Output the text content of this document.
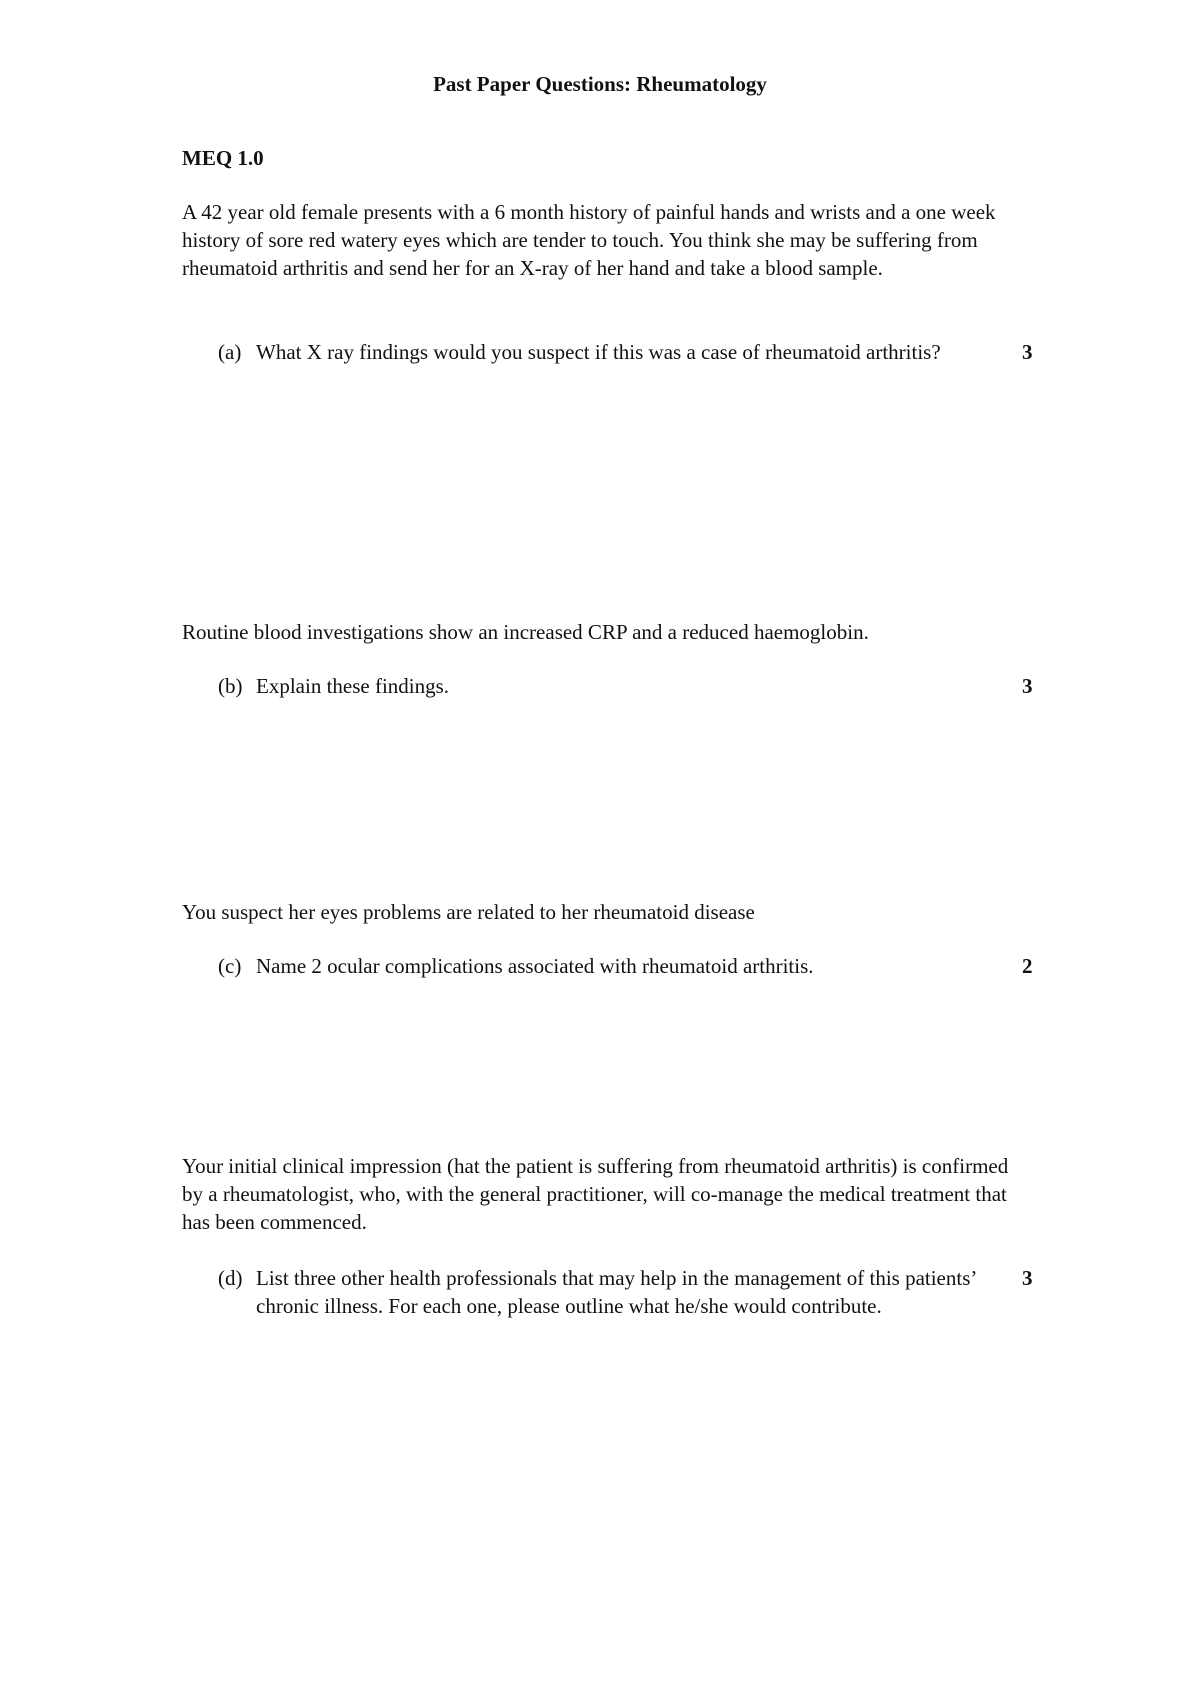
Past Paper Questions: Rheumatology
MEQ 1.0
A 42 year old female presents with a 6 month history of painful hands and wrists and a one week history of sore red watery eyes which are tender to touch. You think she may be suffering from rheumatoid arthritis and send her for an X-ray of her hand and take a blood sample.
(a) What X ray findings would you suspect if this was a case of rheumatoid arthritis?	3
Routine blood investigations show an increased CRP and a reduced haemoglobin.
(b) Explain these findings.	3
You suspect her eyes problems are related to her rheumatoid disease
(c) Name 2 ocular complications associated with rheumatoid arthritis.	2
Your initial clinical impression (hat the patient is suffering from rheumatoid arthritis) is confirmed by a rheumatologist, who, with the general practitioner, will co-manage the medical treatment that has been commenced.
(d) List three other health professionals that may help in the management of this patients’ chronic illness. For each one, please outline what he/she would contribute.
3
